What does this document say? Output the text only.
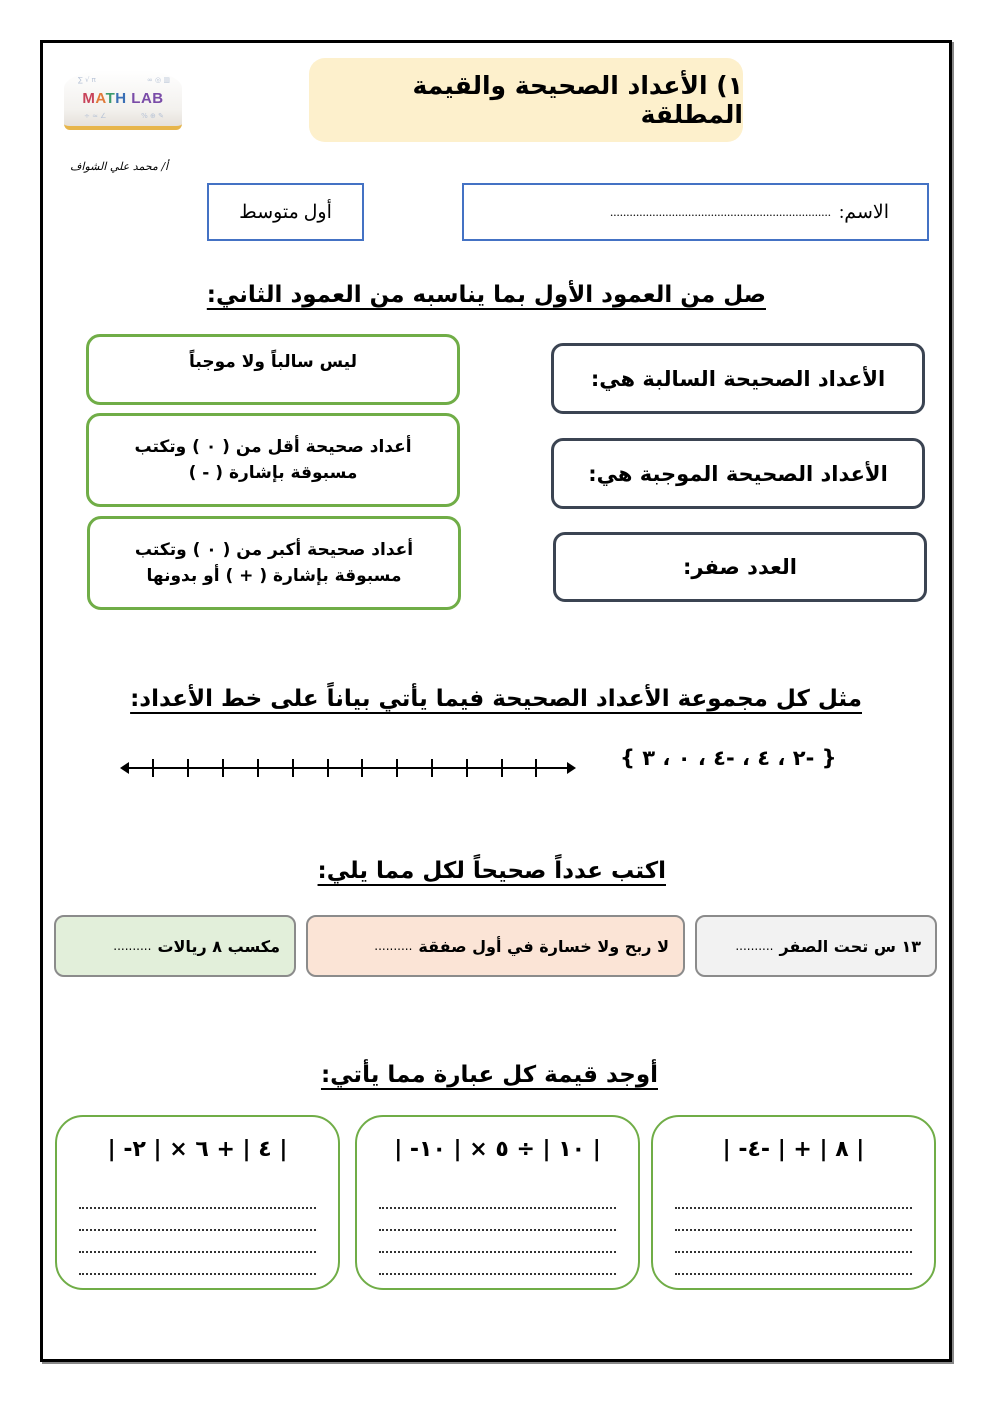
π √ ∑	▥ ◎ ∞
∠ ≈ ÷	✎ ⊕ %
MATH LAB	١) الأعداد الصحيحة والقيمة المطلقة
أ/ محمد علي الشواف
الاسم:
....................................................................
أول متوسط
صل من العمود الأول بما يناسبه من العمود الثاني:
الأعداد الصحيحة السالبة هي:
الأعداد الصحيحة الموجبة هي:
العدد صفر:
ليس سالباً ولا موجباً
أعداد صحيحة أقل من ( ٠ ) وتكتب
مسبوقة بإشارة ( - )
أعداد صحيحة أكبر من ( ٠ ) وتكتب
مسبوقة بإشارة ( + ) أو بدونها
مثل كل مجموعة الأعداد الصحيحة فيما يأتي بياناً على خط الأعداد:
{ -٢ ، ٤ ، -٤ ، ٠ ، ٣ }
اكتب عدداً صحيحاً لكل مما يلي:
١٣ س تحت الصفر
..........
لا ربح ولا خسارة في أول صفقة
..........
مكسب ٨ ريالات
..........
أوجد قيمة كل عبارة مما يأتي:
| -٨ | + | -٤ |
| -١٠ | ÷ ٥ × | ١٠ |
| -٤ | + ٦ × | ٢ |
